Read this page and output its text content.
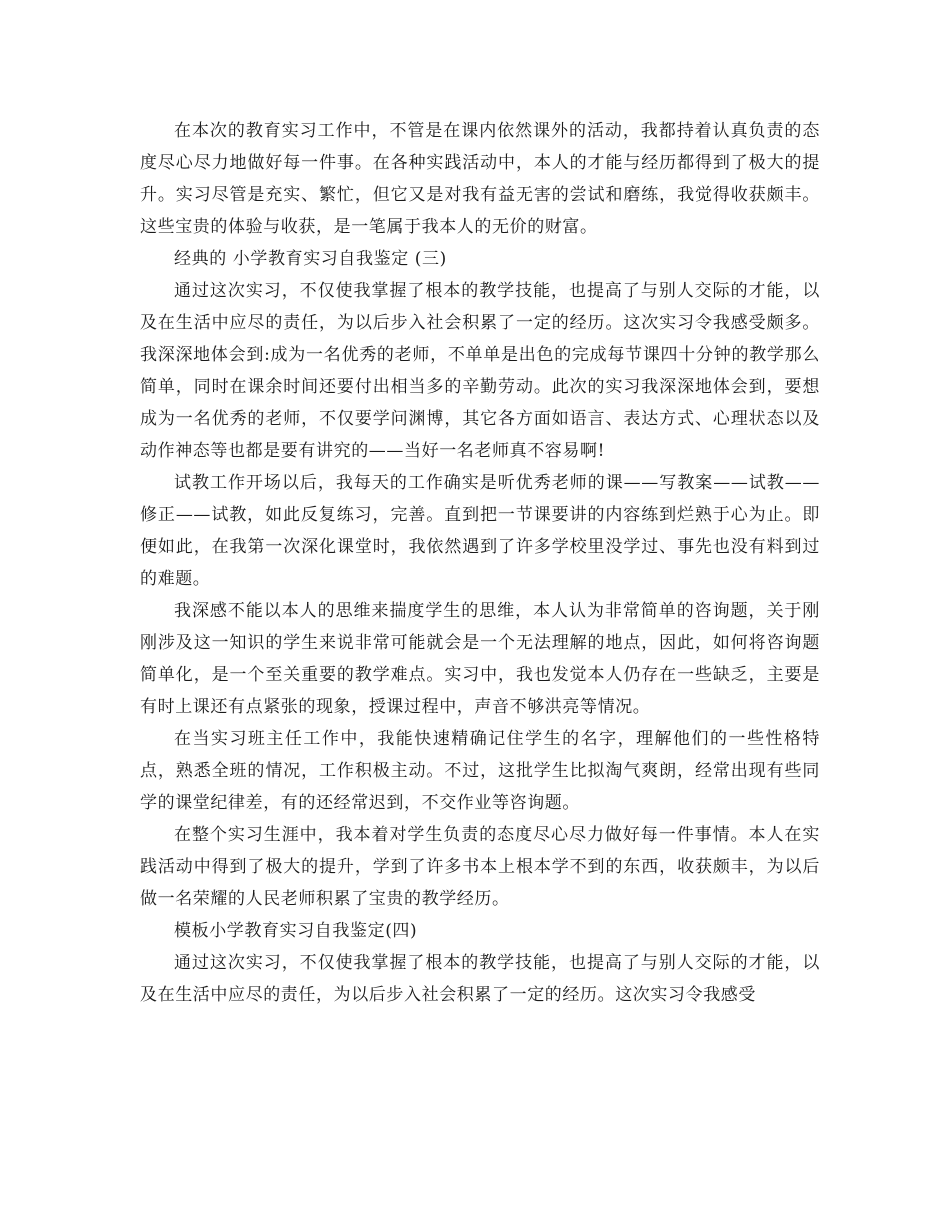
在本次的教育实习工作中，不管是在课内依然课外的活动，我都持着认真负责的态度尽心尽力地做好每一件事。在各种实践活动中，本人的才能与经历都得到了极大的提升。实习尽管是充实、繁忙，但它又是对我有益无害的尝试和磨练，我觉得收获颇丰。这些宝贵的体验与收获，是一笔属于我本人的无价的财富。

经典的 小学教育实习自我鉴定 (三)

通过这次实习，不仅使我掌握了根本的教学技能，也提高了与别人交际的才能，以及在生活中应尽的责任，为以后步入社会积累了一定的经历。这次实习令我感受颇多。我深深地体会到:成为一名优秀的老师，不单单是出色的完成每节课四十分钟的教学那么简单，同时在课余时间还要付出相当多的辛勤劳动。此次的实习我深深地体会到，要想成为一名优秀的老师，不仅要学问渊博，其它各方面如语言、表达方式、心理状态以及动作神态等也都是要有讲究的——当好一名老师真不容易啊!

试教工作开场以后，我每天的工作确实是听优秀老师的课——写教案——试教——修正——试教，如此反复练习，完善。直到把一节课要讲的内容练到烂熟于心为止。即便如此，在我第一次深化课堂时，我依然遇到了许多学校里没学过、事先也没有料到过的难题。

我深感不能以本人的思维来揣度学生的思维，本人认为非常简单的咨询题，关于刚刚涉及这一知识的学生来说非常可能就会是一个无法理解的地点，因此，如何将咨询题简单化，是一个至关重要的教学难点。实习中，我也发觉本人仍存在一些缺乏，主要是有时上课还有点紧张的现象，授课过程中，声音不够洪亮等情况。

在当实习班主任工作中，我能快速精确记住学生的名字，理解他们的一些性格特点，熟悉全班的情况，工作积极主动。不过，这批学生比拟淘气爽朗，经常出现有些同学的课堂纪律差，有的还经常迟到，不交作业等咨询题。

在整个实习生涯中，我本着对学生负责的态度尽心尽力做好每一件事情。本人在实践活动中得到了极大的提升，学到了许多书本上根本学不到的东西，收获颇丰，为以后做一名荣耀的人民老师积累了宝贵的教学经历。

模板小学教育实习自我鉴定(四)

通过这次实习，不仅使我掌握了根本的教学技能，也提高了与别人交际的才能，以及在生活中应尽的责任，为以后步入社会积累了一定的经历。这次实习令我感受
